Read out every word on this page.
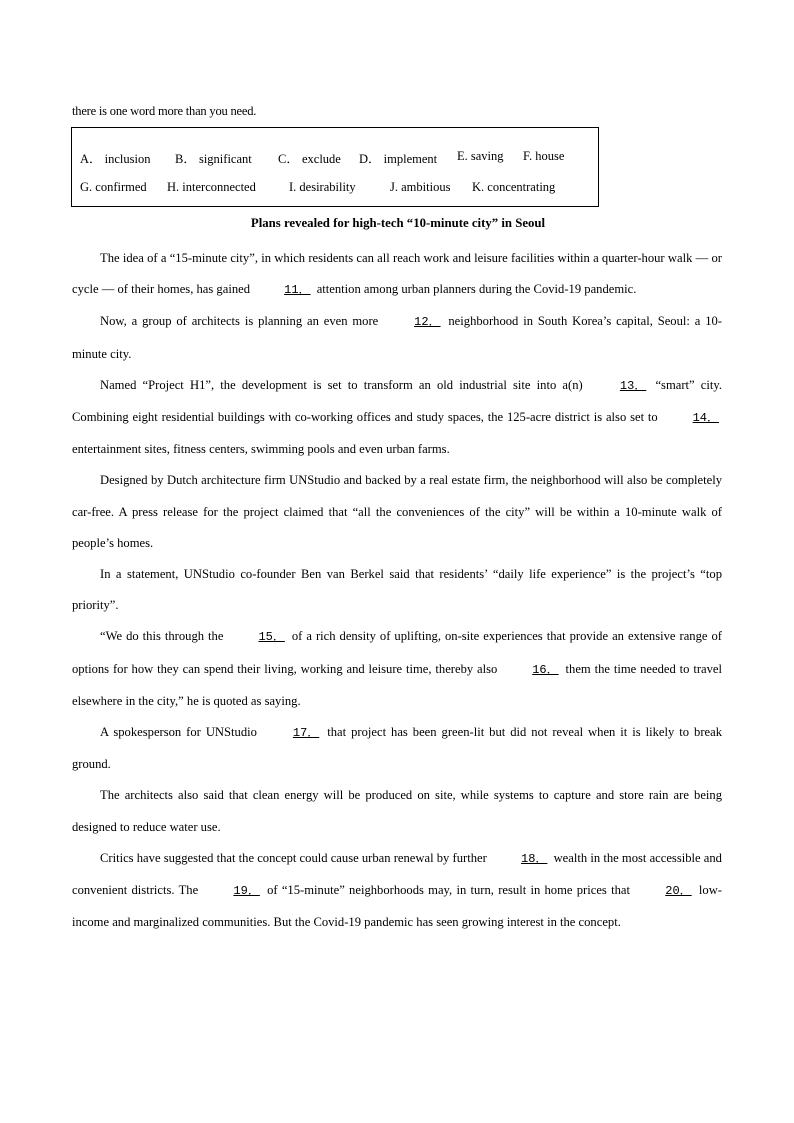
there is one word more than you need.
A． inclusion B． significant C． exclude D． implement E. saving F. house
G. confirmed H. interconnected	I. desirability	J. ambitious K. concentrating
Plans revealed for high-tech “10-minute city” in Seoul

The idea of a “15-minute city”, in which residents can all reach work and leisure facilities within a quarter-hour walk — or cycle — of their homes, has gained	11． attention among urban planners during the Covid-19 pandemic.

Now, a group of architects is planning an even more	12． neighborhood in South Korea’s capital, Seoul: a 10-minute city.

Named “Project H1”, the development is set to transform an old industrial site into a(n)	13． “smart” city. Combining eight residential buildings with co-working offices and study spaces, the 125-acre district is also set to	14． entertainment sites, fitness centers, swimming pools and even urban farms.

Designed by Dutch architecture firm UNStudio and backed by a real estate firm, the neighborhood will also be completely car-free. A press release for the project claimed that “all the conveniences of the city” will be within a 10-minute walk of people’s homes.

In a statement, UNStudio co-founder Ben van Berkel said that residents’ “daily life experience” is the project’s “top priority”.

“We do this through the	15． of a rich density of uplifting, on-site experiences that provide an extensive range of options for how they can spend their living, working and leisure time, thereby also	16． them the time needed to travel elsewhere in the city,” he is quoted as saying.

A spokesperson for UNStudio	17． that project has been green-lit but did not reveal when it is likely to break ground.

The architects also said that clean energy will be produced on site, while systems to capture and store rain are being designed to reduce water use.

Critics have suggested that the concept could cause urban renewal by further	18． wealth in the most accessible and convenient districts. The	19． of “15-minute” neighborhoods may, in turn, result in home prices that	20． low-income and marginalized communities. But the Covid-19 pandemic has seen growing interest in the concept.
